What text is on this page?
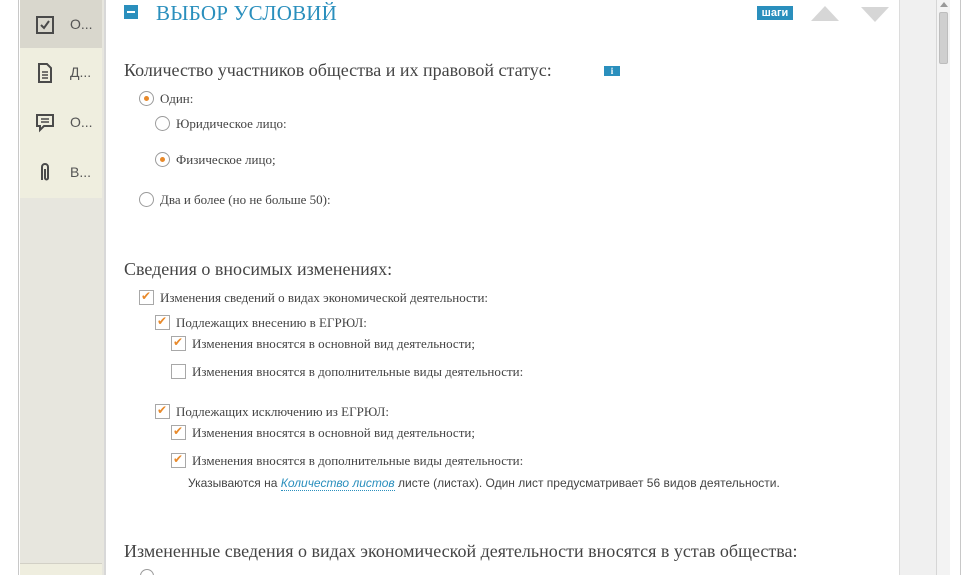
О...
Д...
О...
В...
ВЫБОР УСЛОВИЙ	шаги
Количество участников общества и их правовой статус:	i
Один:
Юридическое лицо:
Физическое лицо;
Два и более (но не больше 50):
Сведения о вносимых изменениях:
✔
Изменения сведений о видах экономической деятельности:
✔
Подлежащих внесению в ЕГРЮЛ:
✔
Изменения вносятся в основной вид деятельности;
Изменения вносятся в дополнительные виды деятельности:
✔
Подлежащих исключению из ЕГРЮЛ:
✔
Изменения вносятся в основной вид деятельности;
✔
Изменения вносятся в дополнительные виды деятельности:
Указываются на Количество листов листе (листах). Один лист предусматривает 56 видов деятельности.
Измененные сведения о видах экономической деятельности вносятся в устав общества:
